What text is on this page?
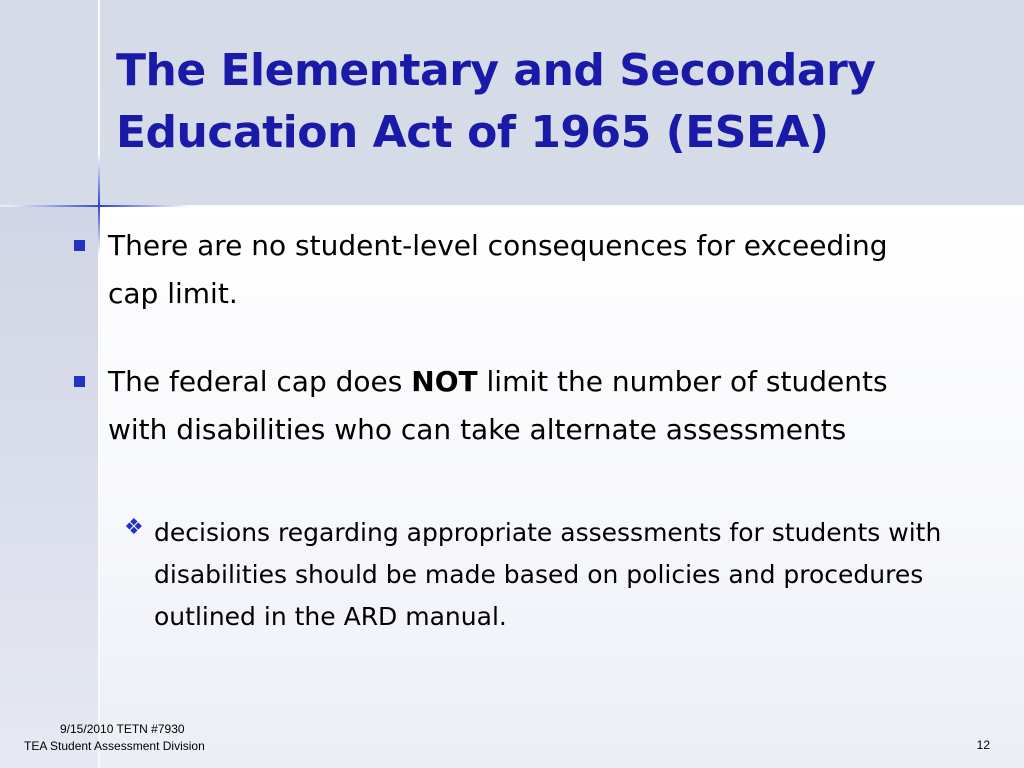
The Elementary and Secondary
Education Act of 1965 (ESEA)

There are no student-level consequences for exceeding cap limit.

The federal cap does NOT limit the number of students with disabilities who can take alternate assessments

❖ decisions regarding appropriate assessments for students with disabilities should be made based on policies and procedures outlined in the ARD manual.

9/15/2010 TETN #7930
TEA Student Assessment Division	12
